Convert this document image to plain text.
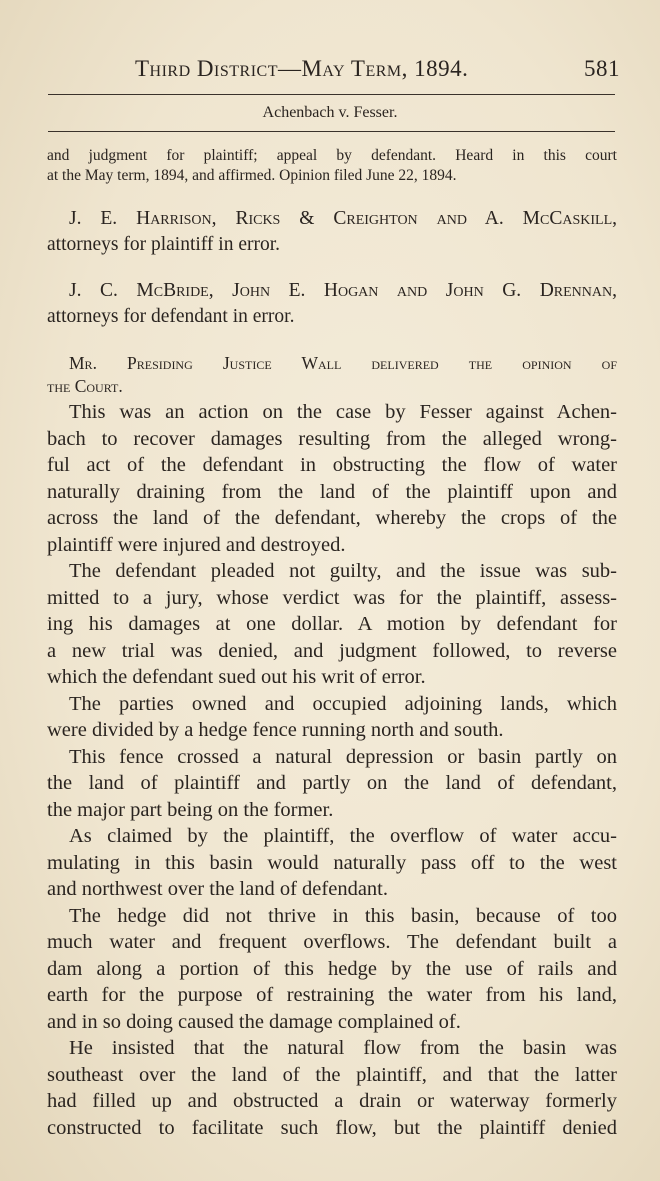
Third District—May Term, 1894.	581
Achenbach v. Fesser.
and judgment for plaintiff; appeal by defendant. Heard in this court
at the May term, 1894, and affirmed. Opinion filed June 22, 1894.
J. E. Harrison, Ricks & Creighton and A. McCaskill,
attorneys for plaintiff in error.
J. C. McBride, John E. Hogan and John G. Drennan,
attorneys for defendant in error.
Mr. Presiding Justice Wall delivered the opinion of
the Court.
This was an action on the case by Fesser against Achen-
bach to recover damages resulting from the alleged wrong-
ful act of the defendant in obstructing the flow of water
naturally draining from the land of the plaintiff upon and
across the land of the defendant, whereby the crops of the
plaintiff were injured and destroyed.
The defendant pleaded not guilty, and the issue was sub-
mitted to a jury, whose verdict was for the plaintiff, assess-
ing his damages at one dollar. A motion by defendant for
a new trial was denied, and judgment followed, to reverse
which the defendant sued out his writ of error.
The parties owned and occupied adjoining lands, which
were divided by a hedge fence running north and south.
This fence crossed a natural depression or basin partly on
the land of plaintiff and partly on the land of defendant,
the major part being on the former.
As claimed by the plaintiff, the overflow of water accu-
mulating in this basin would naturally pass off to the west
and northwest over the land of defendant.
The hedge did not thrive in this basin, because of too
much water and frequent overflows. The defendant built a
dam along a portion of this hedge by the use of rails and
earth for the purpose of restraining the water from his land,
and in so doing caused the damage complained of.
He insisted that the natural flow from the basin was
southeast over the land of the plaintiff, and that the latter
had filled up and obstructed a drain or waterway formerly
constructed to facilitate such flow, but the plaintiff denied
